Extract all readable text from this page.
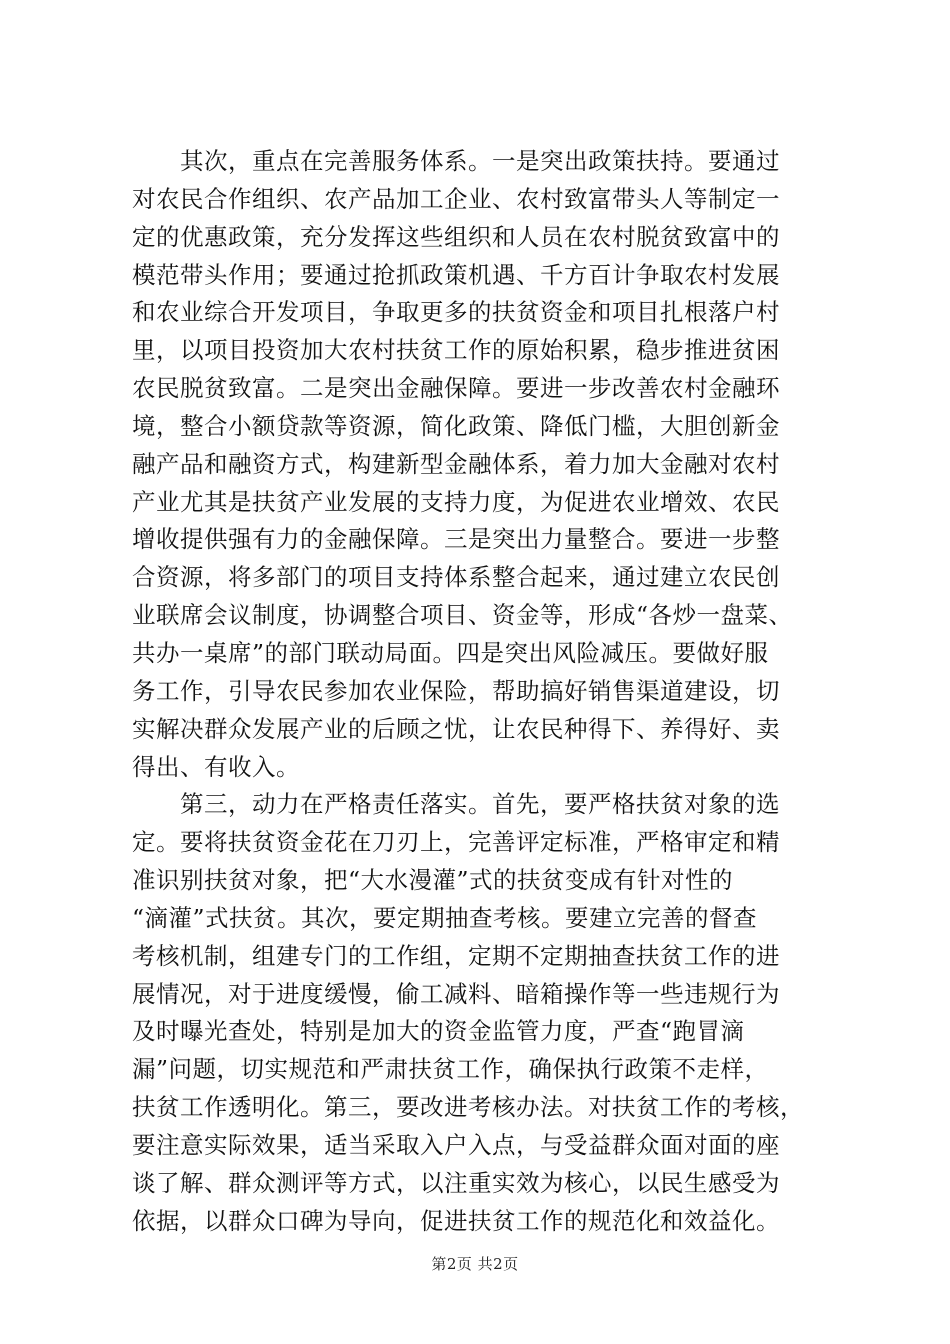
　　其次，重点在完善服务体系。一是突出政策扶持。要通过
对农民合作组织、农产品加工企业、农村致富带头人等制定一
定的优惠政策，充分发挥这些组织和人员在农村脱贫致富中的
模范带头作用；要通过抢抓政策机遇、千方百计争取农村发展
和农业综合开发项目，争取更多的扶贫资金和项目扎根落户村
里，以项目投资加大农村扶贫工作的原始积累，稳步推进贫困
农民脱贫致富。二是突出金融保障。要进一步改善农村金融环
境，整合小额贷款等资源，简化政策、降低门槛，大胆创新金
融产品和融资方式，构建新型金融体系，着力加大金融对农村
产业尤其是扶贫产业发展的支持力度，为促进农业增效、农民
增收提供强有力的金融保障。三是突出力量整合。要进一步整
合资源，将多部门的项目支持体系整合起来，通过建立农民创
业联席会议制度，协调整合项目、资金等，形成“各炒一盘菜、
共办一桌席”的部门联动局面。四是突出风险减压。要做好服
务工作，引导农民参加农业保险，帮助搞好销售渠道建设，切
实解决群众发展产业的后顾之忧，让农民种得下、养得好、卖
得出、有收入。
　　第三，动力在严格责任落实。首先，要严格扶贫对象的选
定。要将扶贫资金花在刀刃上，完善评定标准，严格审定和精
准识别扶贫对象，把“大水漫灌”式的扶贫变成有针对性的
“滴灌”式扶贫。其次，要定期抽查考核。要建立完善的督查
考核机制，组建专门的工作组，定期不定期抽查扶贫工作的进
展情况，对于进度缓慢，偷工减料、暗箱操作等一些违规行为
及时曝光查处，特别是加大的资金监管力度，严查“跑冒滴
漏”问题，切实规范和严肃扶贫工作，确保执行政策不走样，
扶贫工作透明化。第三，要改进考核办法。对扶贫工作的考核，
要注意实际效果，适当采取入户入点，与受益群众面对面的座
谈了解、群众测评等方式，以注重实效为核心，以民生感受为
依据，以群众口碑为导向，促进扶贫工作的规范化和效益化。
第2页 共2页
